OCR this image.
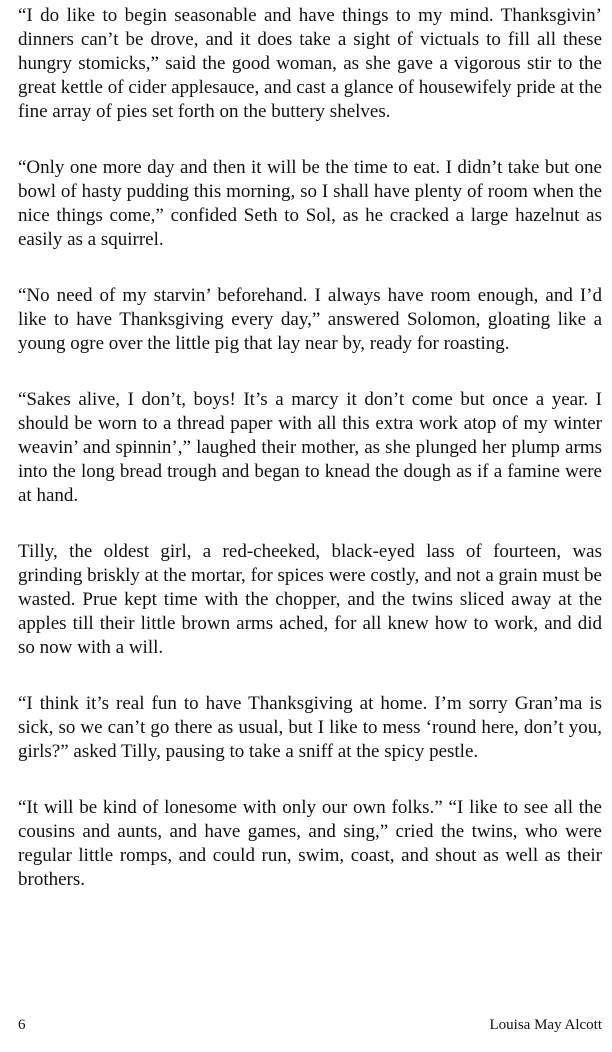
“I do like to begin seasonable and have things to my mind. Thanksgivin’ dinners can’t be drove, and it does take a sight of victuals to fill all these hungry stomicks,” said the good woman, as she gave a vigorous stir to the great kettle of cider applesauce, and cast a glance of housewifely pride at the fine array of pies set forth on the buttery shelves.

“Only one more day and then it will be the time to eat. I didn’t take but one bowl of hasty pudding this morning, so I shall have plenty of room when the nice things come,” confided Seth to Sol, as he cracked a large hazelnut as easily as a squirrel.

“No need of my starvin’ beforehand. I always have room enough, and I’d like to have Thanksgiving every day,” answered Solomon, gloating like a young ogre over the little pig that lay near by, ready for roasting.

“Sakes alive, I don’t, boys! It’s a marcy it don’t come but once a year. I should be worn to a thread paper with all this extra work atop of my winter weavin’ and spinnin’,” laughed their mother, as she plunged her plump arms into the long bread trough and began to knead the dough as if a famine were at hand.

Tilly, the oldest girl, a red-cheeked, black-eyed lass of fourteen, was grinding briskly at the mortar, for spices were costly, and not a grain must be wasted. Prue kept time with the chopper, and the twins sliced away at the apples till their little brown arms ached, for all knew how to work, and did so now with a will.

“I think it’s real fun to have Thanksgiving at home. I’m sorry Gran’ma is sick, so we can’t go there as usual, but I like to mess ‘round here, don’t you, girls?” asked Tilly, pausing to take a sniff at the spicy pestle.

“It will be kind of lonesome with only our own folks.” “I like to see all the cousins and aunts, and have games, and sing,” cried the twins, who were regular little romps, and could run, swim, coast, and shout as well as their brothers.

6	Louisa May Alcott
